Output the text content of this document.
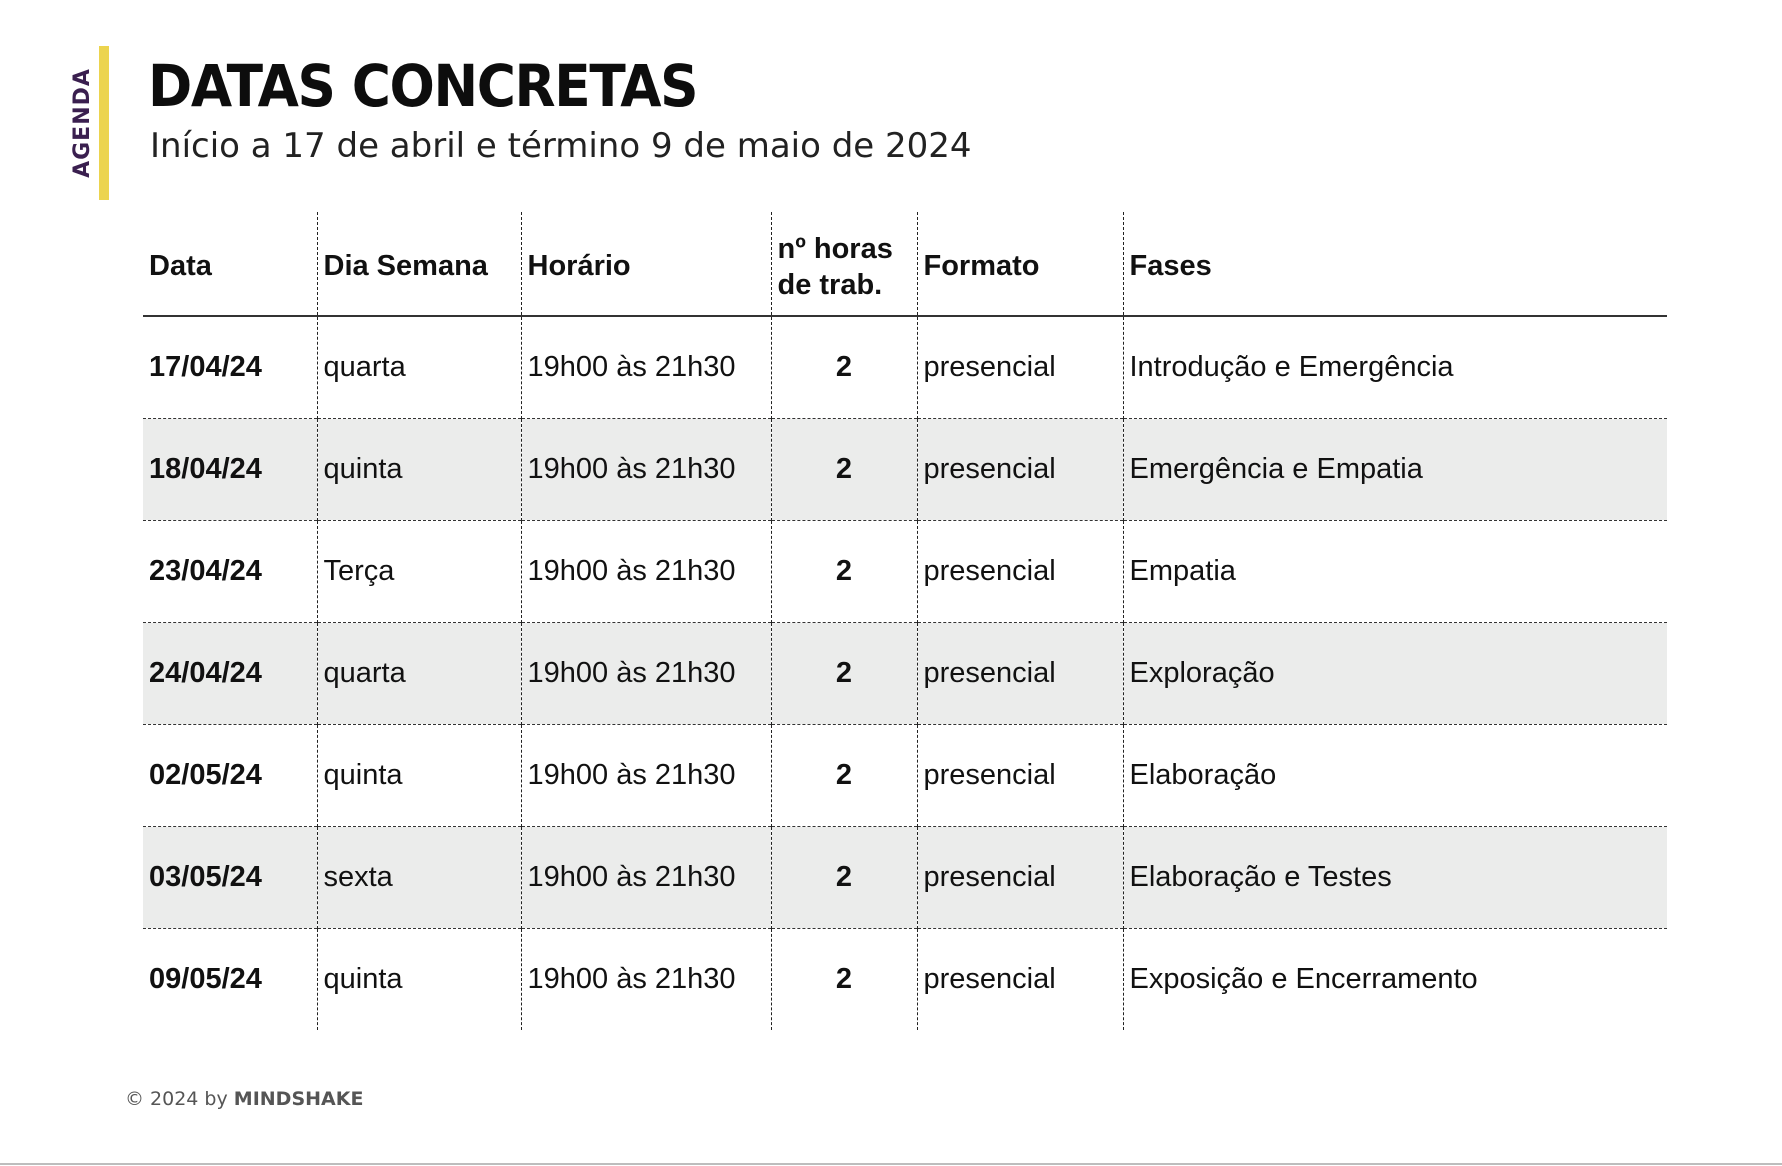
AGENDA DATAS CONCRETAS

Início a 17 de abril e término 9 de maio de 2024

Data	Dia Semana	Horário	nº horas de trab.	Formato	Fases
17/04/24	quarta	19h00 às 21h30	2	presencial	Introdução e Emergência
18/04/24	quinta	19h00 às 21h30	2	presencial	Emergência e Empatia
23/04/24	Terça	19h00 às 21h30	2	presencial	Empatia
24/04/24	quarta	19h00 às 21h30	2	presencial	Exploração
02/05/24	quinta	19h00 às 21h30	2	presencial	Elaboração
03/05/24	sexta	19h00 às 21h30	2	presencial	Elaboração e Testes
09/05/24	quinta	19h00 às 21h30	2	presencial	Exposição e Encerramento
© 2024 by MINDSHAKE
